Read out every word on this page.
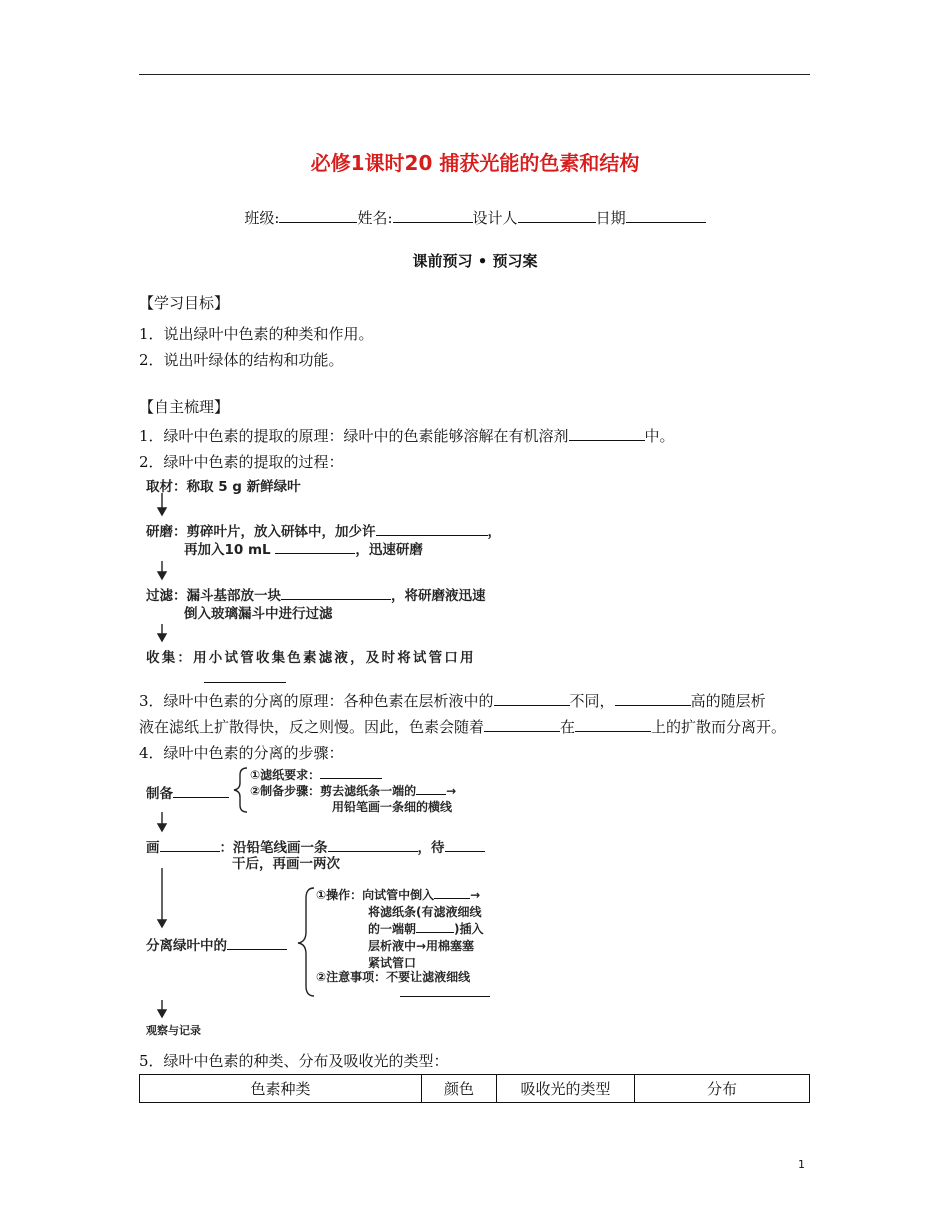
必修1课时20 捕获光能的色素和结构
班级:	姓名:	设计人	日期
课前预习 • 预习案
【学习目标】
1．说出绿叶中色素的种类和作用。
2．说出叶绿体的结构和功能。
【自主梳理】
1．绿叶中色素的提取的原理：绿叶中的色素能够溶解在有机溶剂	中。
2．绿叶中色素的提取的过程：
取材：称取 5 g 新鲜绿叶
研磨：剪碎叶片，放入研钵中，加少许	，
再加入10 mL	，迅速研磨
过滤：漏斗基部放一块	，将研磨液迅速
倒入玻璃漏斗中进行过滤
收集：用小试管收集色素滤液，及时将试管口用
3．绿叶中色素的分离的原理：各种色素在层析液中的	不同，	高的随层析
液在滤纸上扩散得快，反之则慢。因此，色素会随着	在	上的扩散而分离开。
4．绿叶中色素的分离的步骤：
制备
①滤纸要求：
②制备步骤：剪去滤纸条一端的	→
用铅笔画一条细的横线
画	：沿铅笔线画一条	，待
干后，再画一两次
①操作：向试管中倒入	→
将滤纸条(有滤液细线
的一端朝	)插入
层析液中→用棉塞塞
紧试管口
分离绿叶中的
②注意事项：不要让滤液细线
观察与记录
5．绿叶中色素的种类、分布及吸收光的类型：
色素种类	颜色	吸收光的类型	分布
1
